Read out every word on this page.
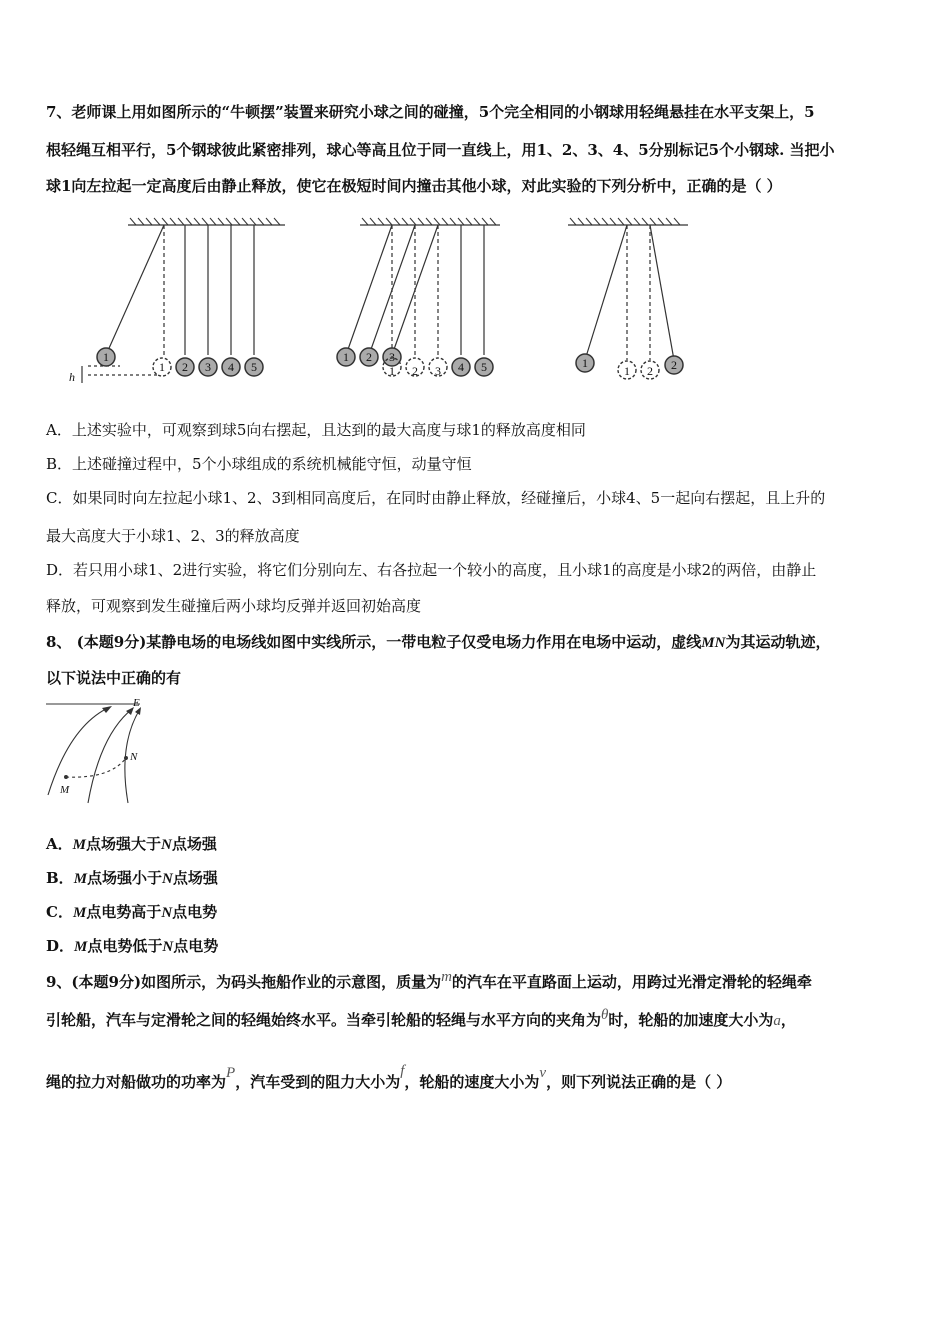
7、老师课上用如图所示的“牛顿摆”装置来研究小球之间的碰撞，5个完全相同的小钢球用轻绳悬挂在水平支架上，5
根轻绳互相平行，5个钢球彼此紧密排列，球心等高且位于同一直线上，用1、2、3、4、5分别标记5个小钢球. 当把小
球1向左拉起一定高度后由静止释放，使它在极短时间内撞击其他小球，对此实验的下列分析中，正确的是（ ）
1
1 2 3 4 5
h
1 2 3
1 2 3 4 5	1
1 2 2
A．上述实验中，可观察到球5向右摆起，且达到的最大高度与球1的释放高度相同
B．上述碰撞过程中，5个小球组成的系统机械能守恒，动量守恒
C．如果同时向左拉起小球1、2、3到相同高度后，在同时由静止释放，经碰撞后，小球4、5一起向右摆起，且上升的
最大高度大于小球1、2、3的释放高度
D．若只用小球1、2进行实验，将它们分别向左、右各拉起一个较小的高度，且小球1的高度是小球2的两倍，由静止
释放，可观察到发生碰撞后两小球均反弹并返回初始高度
8、 (本题9分)某静电场的电场线如图中实线所示，一带电粒子仅受电场力作用在电场中运动，虚线MN为其运动轨迹，
以下说法中正确的有
E
N
M
A．M点场强大于N点场强
B．M点场强小于N点场强
C．M点电势高于N点电势
D．M点电势低于N点电势
9、(本题9分)如图所示，为码头拖船作业的示意图，质量为m的汽车在平直路面上运动，用跨过光滑定滑轮的轻绳牵
引轮船，汽车与定滑轮之间的轻绳始终水平。当牵引轮船的轻绳与水平方向的夹角为θ时，轮船的加速度大小为a，
绳的拉力对船做功的功率为P，汽车受到的阻力大小为f，轮船的速度大小为v，则下列说法正确的是（ ）
